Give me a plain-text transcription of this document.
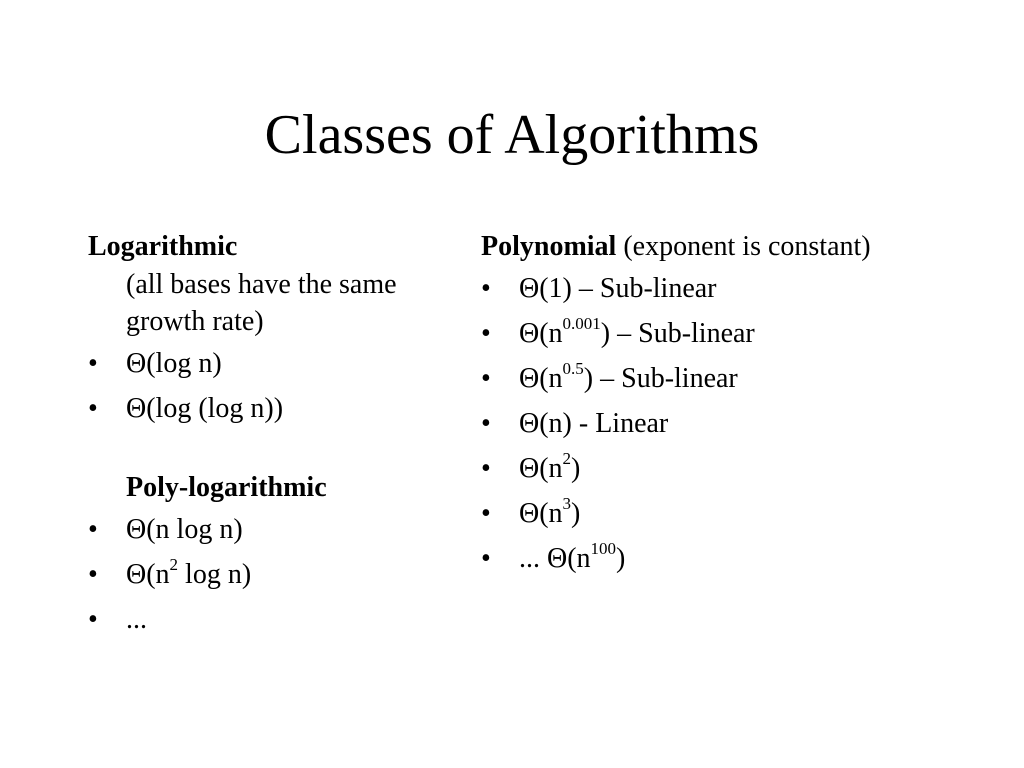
Classes of Algorithms
Logarithmic
(all bases have the same
growth rate)
•	Θ(log n)
•	Θ(log (log n))
Poly-logarithmic
•	Θ(n log n)
•	$\Theta(n^2$ log n)
•	...
Polynomial (exponent is constant)
•	Θ(1) – Sub-linear
•	$\Theta(n^{0.001})$ – Sub-linear
•	$\Theta(n^{0.5})$ – Sub-linear
•	Θ(n) - Linear
•	$\Theta(n^2)$
•	$\Theta(n^3)$
•	... $\Theta(n^{100})$
